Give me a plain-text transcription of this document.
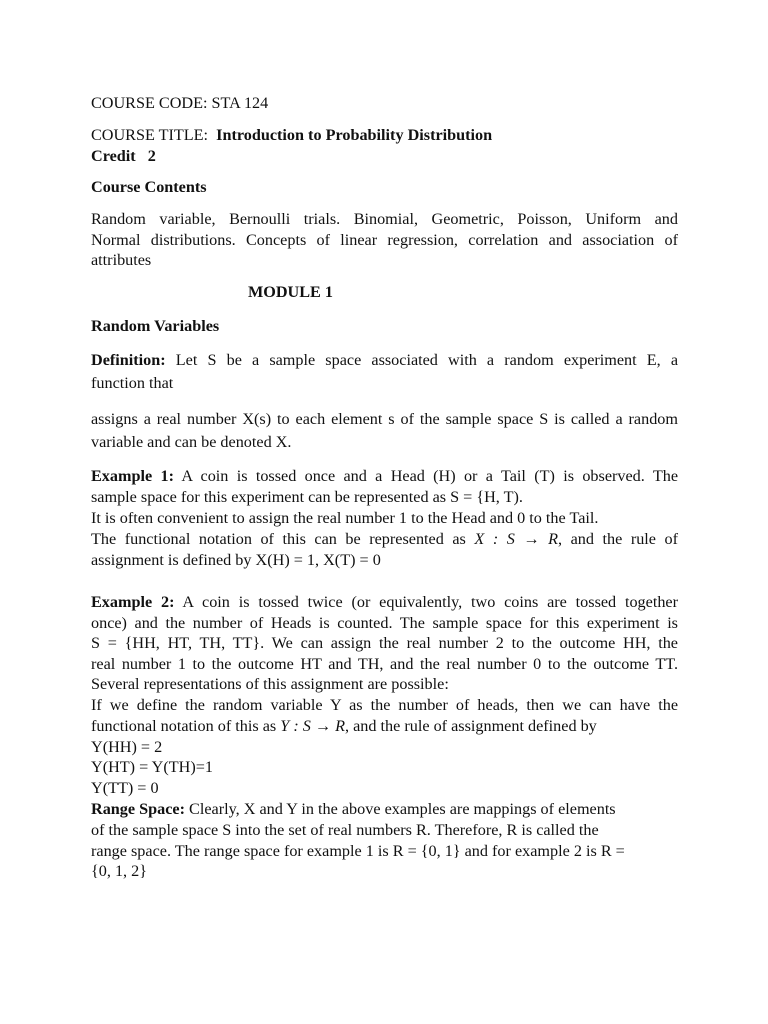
COURSE CODE: STA 124

COURSE TITLE: Introduction to Probability Distribution

Credit   2

Course Contents

Random variable, Bernoulli trials. Binomial, Geometric, Poisson, Uniform and

Normal distributions. Concepts of linear regression, correlation and association of

attributes

MODULE 1

Random Variables

Definition: Let S be a sample space associated with a random experiment E, a

function that

assigns a real number X(s) to each element s of the sample space S is called a random

variable and can be denoted X.

Example 1: A coin is tossed once and a Head (H) or a Tail (T) is observed. The

sample space for this experiment can be represented as S = {H, T).

It is often convenient to assign the real number 1 to the Head and 0 to the Tail.

The functional notation of this can be represented as X : S → R, and the rule of

assignment is defined by X(H) = 1, X(T) = 0

Example 2: A coin is tossed twice (or equivalently, two coins are tossed together

once) and the number of Heads is counted. The sample space for this experiment is

S = {HH, HT, TH, TT}. We can assign the real number 2 to the outcome HH, the

real number 1 to the outcome HT and TH, and the real number 0 to the outcome TT.

Several representations of this assignment are possible:

If we define the random variable Y as the number of heads, then we can have the

functional notation of this as Y : S → R, and the rule of assignment defined by

Y(HH) = 2

Y(HT) = Y(TH)=1

Y(TT) = 0

Range Space: Clearly, X and Y in the above examples are mappings of elements

of the sample space S into the set of real numbers R. Therefore, R is called the

range space. The range space for example 1 is R = {0, 1} and for example 2 is R =

{0, 1, 2}
